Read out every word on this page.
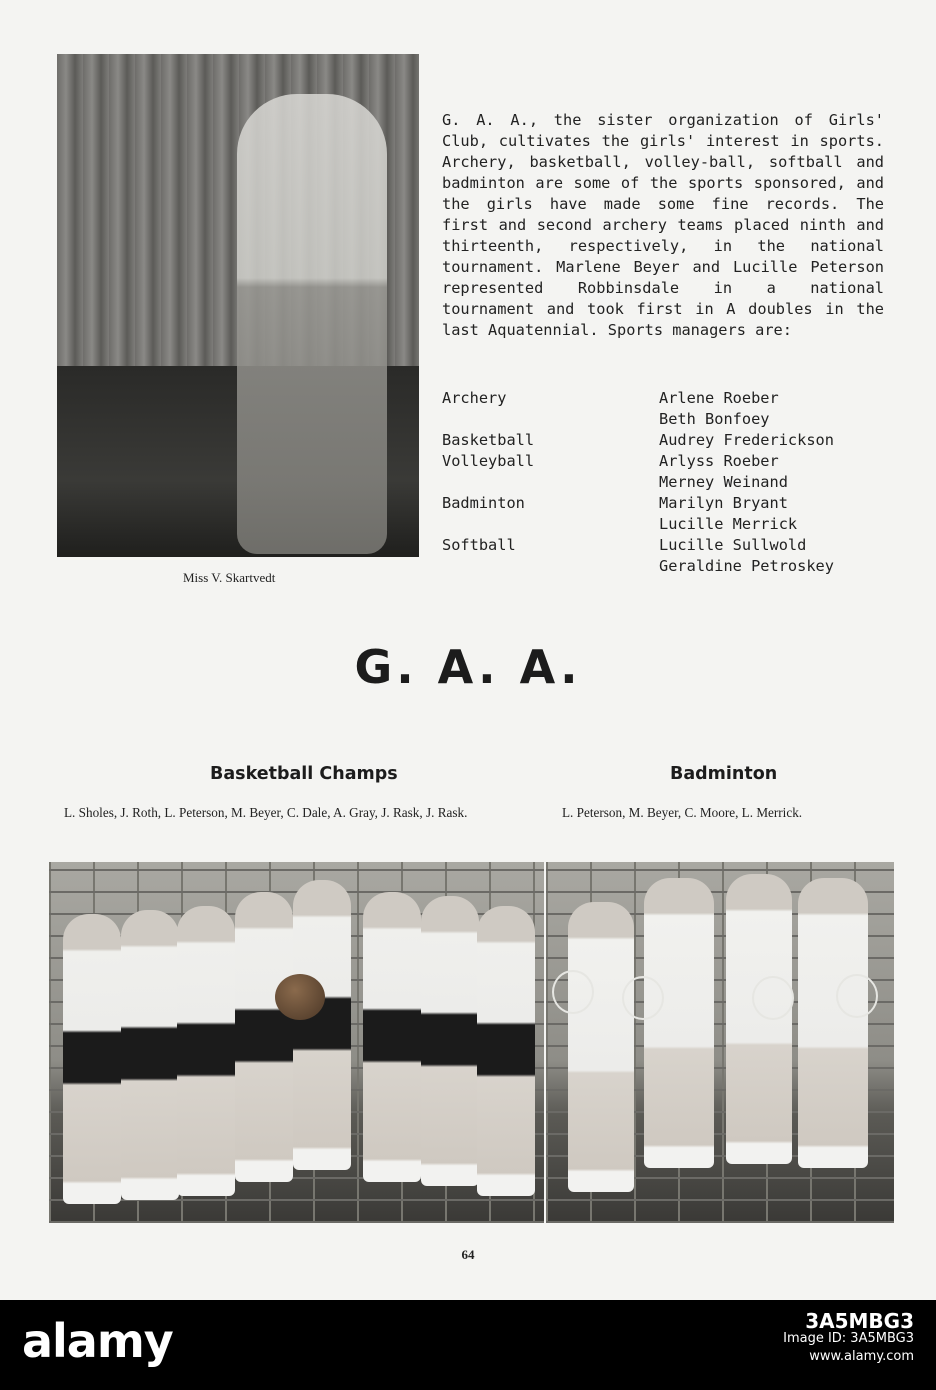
Miss V. Skartvedt
G. A. A., the sister organization of Girls' Club, cultivates the girls' interest in sports. Archery, basketball, volley-ball, softball and badminton are some of the sports sponsored, and the girls have made some fine records. The first and second archery teams placed ninth and thirteenth, respectively, in the national tournament. Marlene Beyer and Lucille Peterson represented Robbinsdale in a national tournament and took first in A doubles in the last Aquatennial. Sports managers are:
Archery	Arlene Roeber
Beth Bonfoey
Basketball	Audrey Frederickson
Volleyball	Arlyss Roeber
Merney Weinand
Badminton	Marilyn Bryant
Lucille Merrick
Softball	Lucille Sullwold
Geraldine Petroskey
G. A. A.
Basketball Champs	Badminton
L. Sholes, J. Roth, L. Peterson, M. Beyer, C. Dale, A. Gray, J. Rask, J. Rask.	L. Peterson, M. Beyer, C. Moore, L. Merrick.
64
alamy	3A5MBG3
Image ID: 3A5MBG3
www.alamy.com
